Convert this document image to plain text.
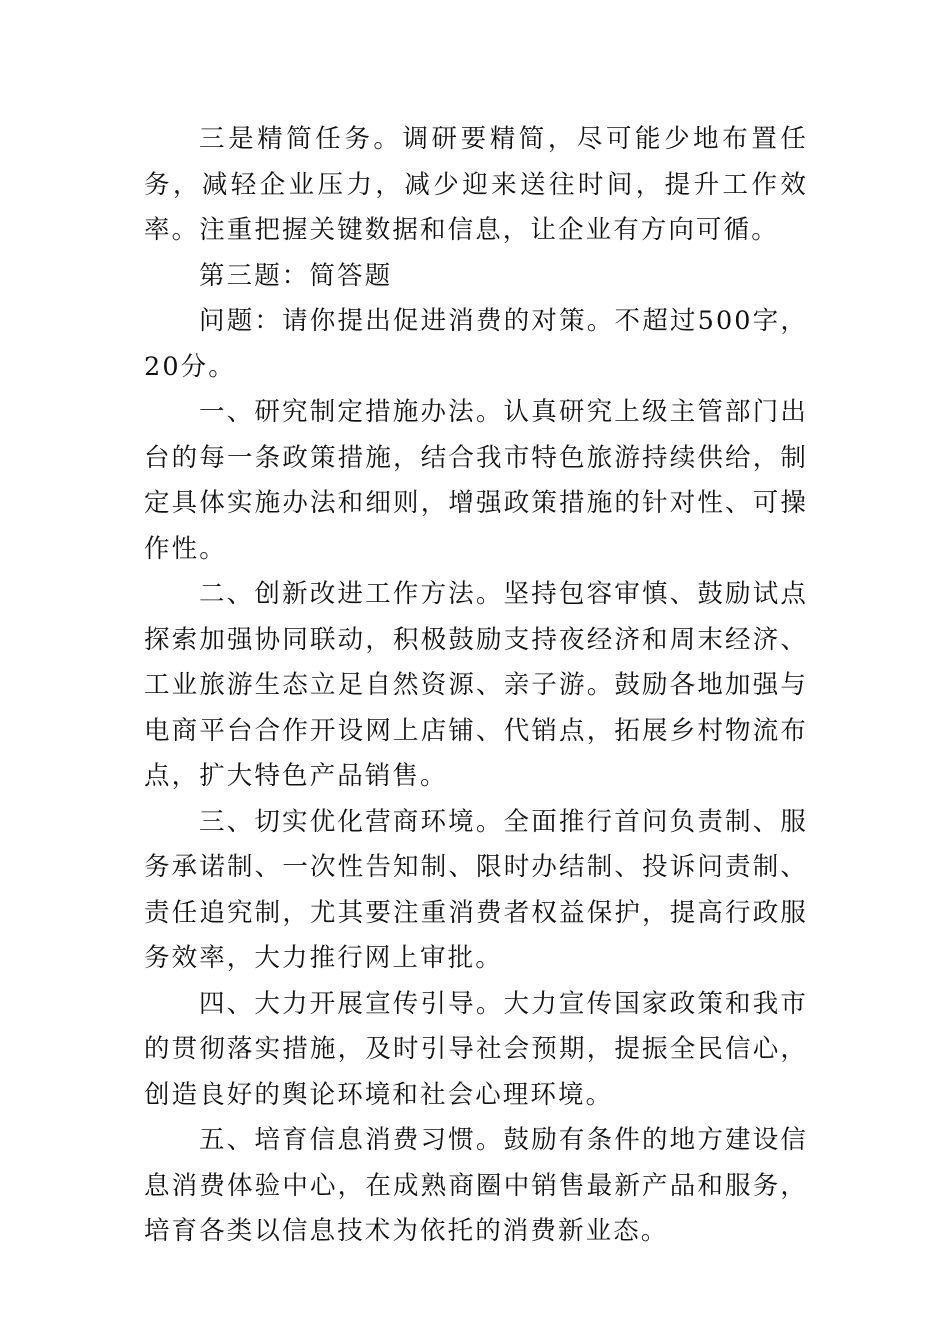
三是精简任务。调研要精简，尽可能少地布置任务，减轻企业压力，减少迎来送往时间，提升工作效率。注重把握关键数据和信息，让企业有方向可循。

第三题：简答题

问题：请你提出促进消费的对策。不超过500字，20分。

一、研究制定措施办法。认真研究上级主管部门出台的每一条政策措施，结合我市特色旅游持续供给，制定具体实施办法和细则，增强政策措施的针对性、可操作性。

二、创新改进工作方法。坚持包容审慎、鼓励试点探索加强协同联动，积极鼓励支持夜经济和周末经济、工业旅游生态立足自然资源、亲子游。鼓励各地加强与电商平台合作开设网上店铺、代销点，拓展乡村物流布点，扩大特色产品销售。

三、切实优化营商环境。全面推行首问负责制、服务承诺制、一次性告知制、限时办结制、投诉问责制、责任追究制，尤其要注重消费者权益保护，提高行政服务效率，大力推行网上审批。

四、大力开展宣传引导。大力宣传国家政策和我市的贯彻落实措施，及时引导社会预期，提振全民信心，创造良好的舆论环境和社会心理环境。

五、培育信息消费习惯。鼓励有条件的地方建设信息消费体验中心，在成熟商圈中销售最新产品和服务，培育各类以信息技术为依托的消费新业态。
